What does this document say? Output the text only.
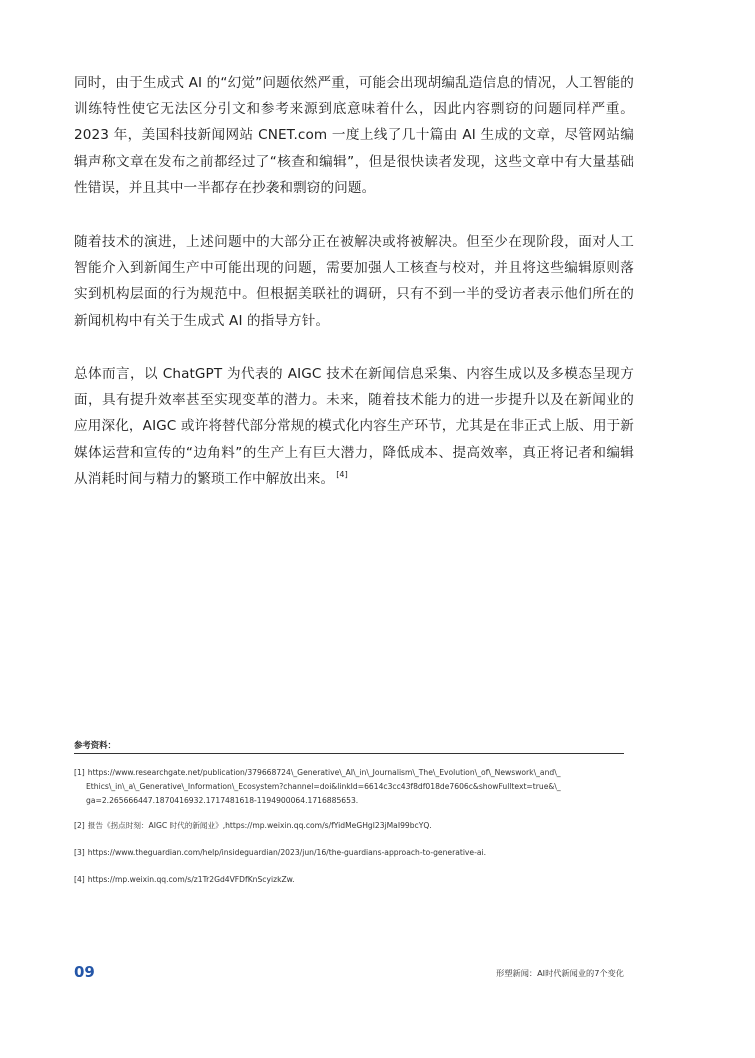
同时，由于生成式 AI 的“幻觉”问题依然严重，可能会出现胡编乱造信息的情况，人工智能的训练特性使它无法区分引文和参考来源到底意味着什么，因此内容剽窃的问题同样严重。2023 年，美国科技新闻网站 CNET.com 一度上线了几十篇由 AI 生成的文章，尽管网站编辑声称文章在发布之前都经过了“核查和编辑”，但是很快读者发现，这些文章中有大量基础性错误，并且其中一半都存在抄袭和剽窃的问题。

随着技术的演进，上述问题中的大部分正在被解决或将被解决。但至少在现阶段，面对人工智能介入到新闻生产中可能出现的问题，需要加强人工核查与校对，并且将这些编辑原则落实到机构层面的行为规范中。但根据美联社的调研，只有不到一半的受访者表示他们所在的新闻机构中有关于生成式 AI 的指导方针。

总体而言，以 ChatGPT 为代表的 AIGC 技术在新闻信息采集、内容生成以及多模态呈现方面，具有提升效率甚至实现变革的潜力。未来，随着技术能力的进一步提升以及在新闻业的应用深化，AIGC 或许将替代部分常规的模式化内容生产环节，尤其是在非正式上版、用于新媒体运营和宣传的“边角料”的生产上有巨大潜力，降低成本、提高效率，真正将记者和编辑从消耗时间与精力的繁琐工作中解放出来。 [4]

参考资料：
[1] https://www.researchgate.net/publication/379668724\_Generative\_AI\_in\_Journalism\_The\_Evolution\_of\_Newswork\_and\_
Ethics\_in\_a\_Generative\_Information\_Ecosystem?channel=doi&linkId=6614c3cc43f8df018de7606c&showFulltext=true&\_
ga=2.265666447.1870416932.1717481618-1194900064.1716885653.
[2] 报告《拐点时刻：AIGC 时代的新闻业》,https://mp.weixin.qq.com/s/fYidMeGHgl23jMaI99bcYQ.
[3] https://www.theguardian.com/help/insideguardian/2023/jun/16/the-guardians-approach-to-generative-ai.
[4] https://mp.weixin.qq.com/s/z1Tr2Gd4VFDfKnScyizkZw.
09	形塑新闻：AI时代新闻业的7个变化
